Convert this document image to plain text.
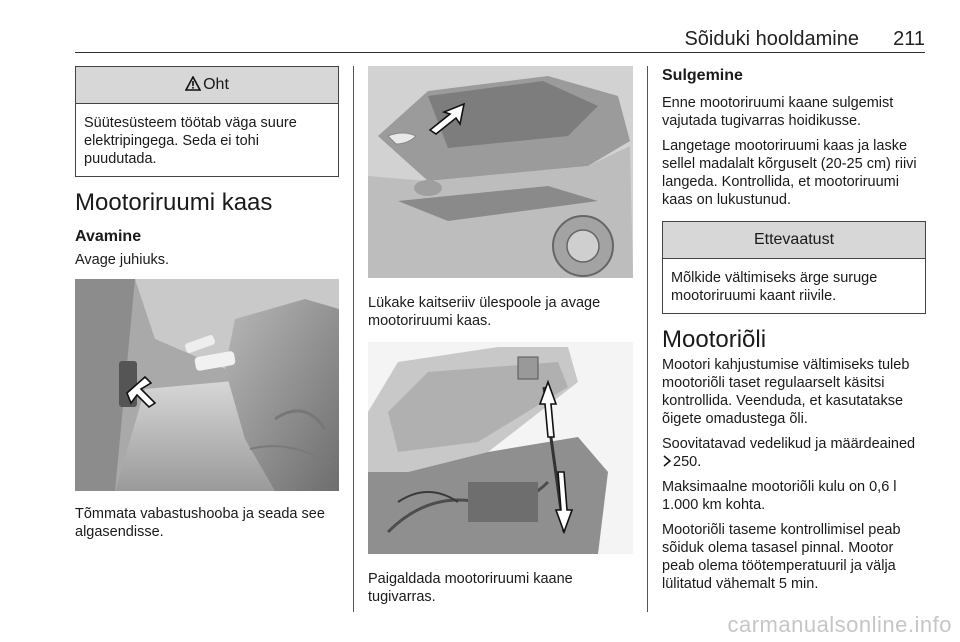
Sõiduki hooldamine 211
Oht
Süütesüsteem töötab väga suure elektripingega. Seda ei tohi puudutada.
Mootoriruumi kaas
Avamine

Avage juhiuks.

Tõmmata vabastushooba ja seada see algasendisse.
Lükake kaitseriiv ülespoole ja avage mootoriruumi kaas.
Paigaldada mootoriruumi kaane tugivarras.
Sulgemine

Enne mootoriruumi kaane sulgemist vajutada tugivarras hoidikusse.

Langetage mootoriruumi kaas ja laske sellel madalalt kõrguselt (20-25 cm) riivi langeda. Kontrollida, et mootoriruumi kaas on lukustunud.

Ettevaatust
Mõlkide vältimiseks ärge suruge mootoriruumi kaant riivile.
Mootoriõli

Mootori kahjustumise vältimiseks tuleb mootoriõli taset regulaarselt käsitsi kontrollida. Veenduda, et kasutatakse õigete omadustega õli.

Soovitatavad vedelikud ja määrdeained 250.

Maksimaalne mootoriõli kulu on 0,6 l 1.000 km kohta.

Mootoriõli taseme kontrollimisel peab sõiduk olema tasasel pinnal. Mootor peab olema töötemperatuuril ja välja lülitatud vähemalt 5 min.

carmanualsonline.info
